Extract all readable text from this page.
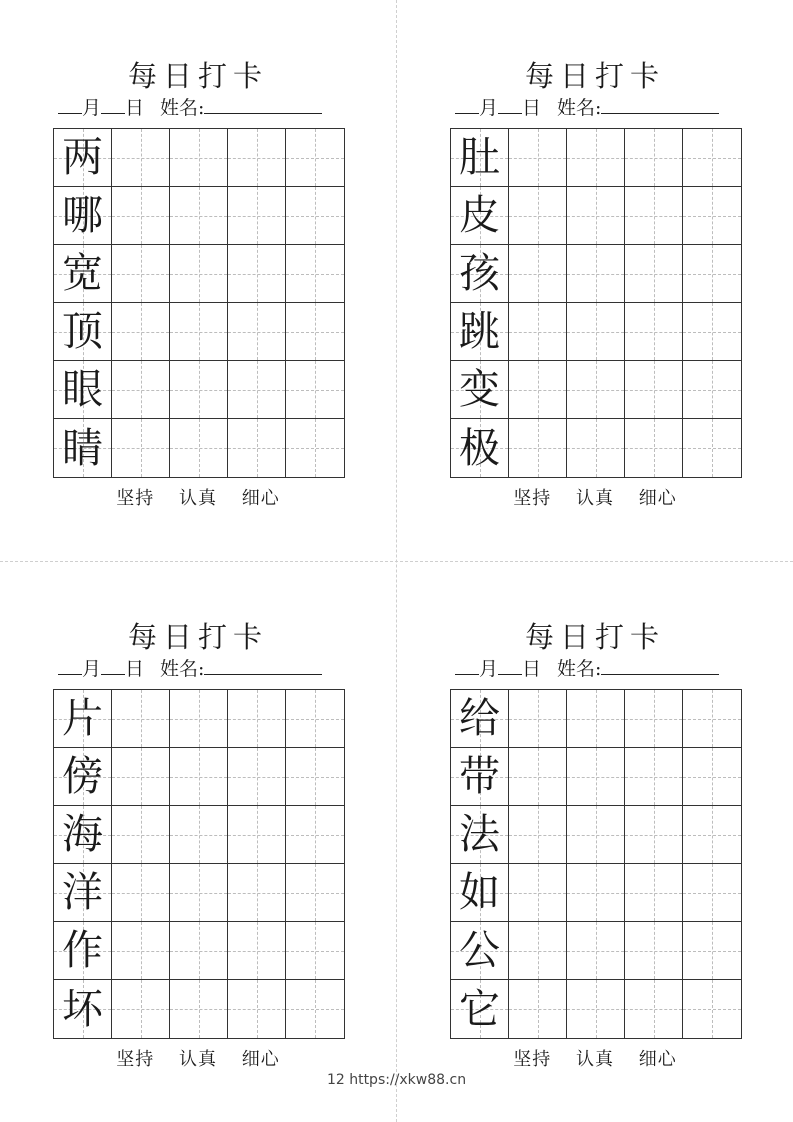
每日打卡
月 日 姓名:
两
哪
宽
顶
眼
睛
坚持 认真 细心
每日打卡
月 日 姓名:
肚
皮
孩
跳
变
极
坚持 认真 细心
每日打卡
月 日 姓名:
片
傍
海
洋
作
坏
坚持 认真 细心
每日打卡
月 日 姓名:
给
带
法
如
公
它
坚持 认真 细心
12 https://xkw88.cn
